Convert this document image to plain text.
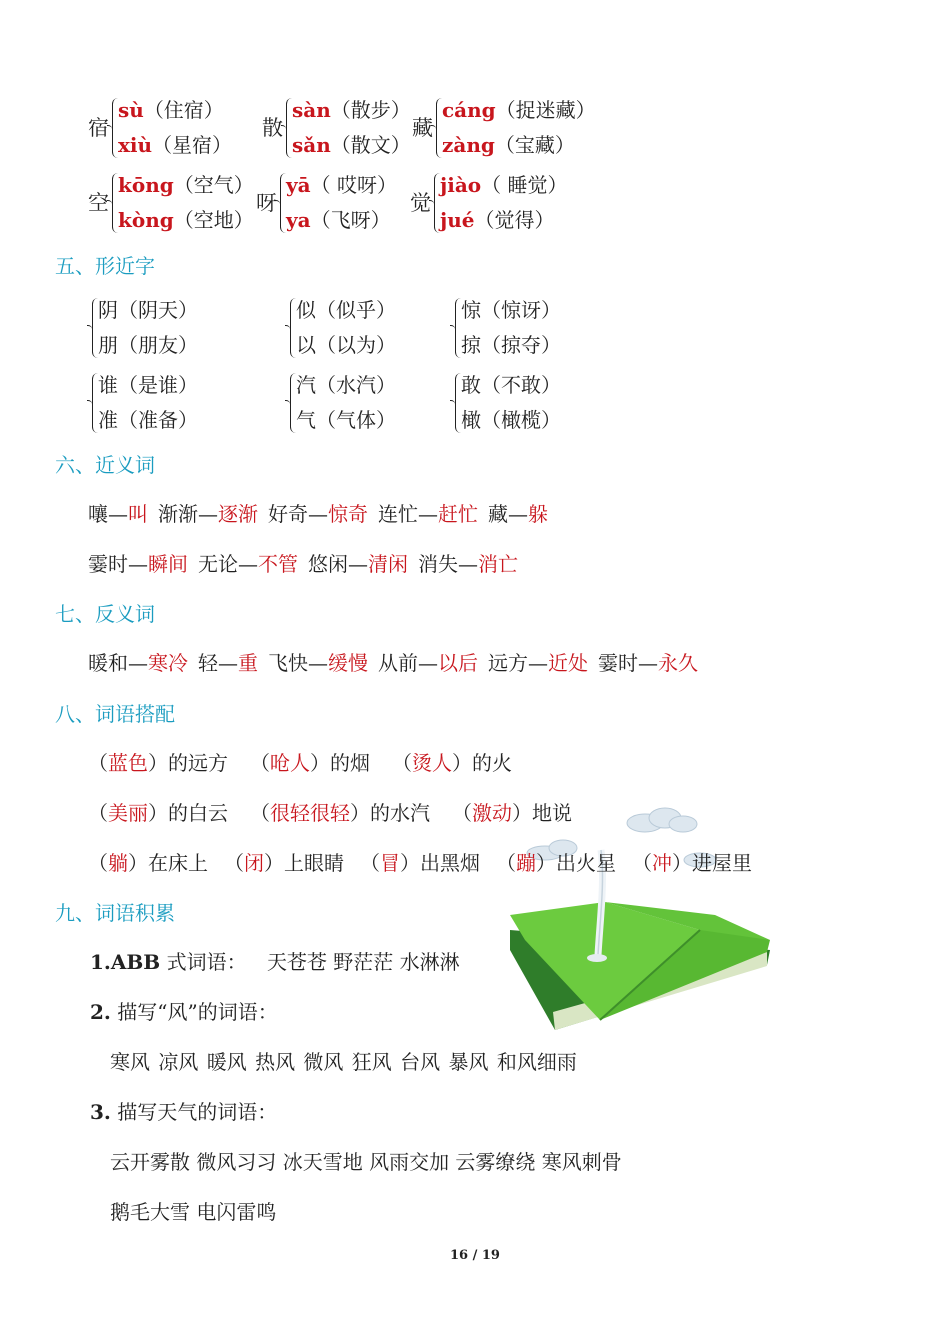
宿
sù（住宿）
xiù（星宿）
散
sàn（散步）
sǎn（散文）
藏
cáng（捉迷藏）
zàng（宝藏）
空
kōng（空气）
kòng（空地）
呀
yā（ 哎呀）
ya（飞呀）
觉
jiào（ 睡觉）
jué（觉得）
五、形近字
阴（阴天）
朋（朋友）
似（似乎）
以（以为）
惊（惊讶）
掠（掠夺）
谁（是谁）
准（准备）
汽（水汽）
气（气体）
敢（不敢）
橄（橄榄）
六、近义词
嚷—叫 渐渐—逐渐 好奇—惊奇 连忙—赶忙 藏—躲
霎时—瞬间 无论—不管 悠闲—清闲 消失—消亡
七、反义词
暖和—寒冷 轻—重 飞快—缓慢 从前—以后 远方—近处 霎时—永久
八、词语搭配
（蓝色）的远方 （呛人）的烟 （烫人）的火
（美丽）的白云 （很轻很轻）的水汽 （激动）地说
（躺）在床上 （闭）上眼睛 （冒）出黑烟 （蹦）出火星 （冲）进屋里
九、词语积累
1.ABB 式词语： 天苍苍 野茫茫 水淋淋
2. 描写“风”的词语：
寒风 凉风 暖风 热风 微风 狂风 台风 暴风 和风细雨
3. 描写天气的词语：
云开雾散 微风习习 冰天雪地 风雨交加 云雾缭绕 寒风刺骨
鹅毛大雪 电闪雷鸣
16 / 19
